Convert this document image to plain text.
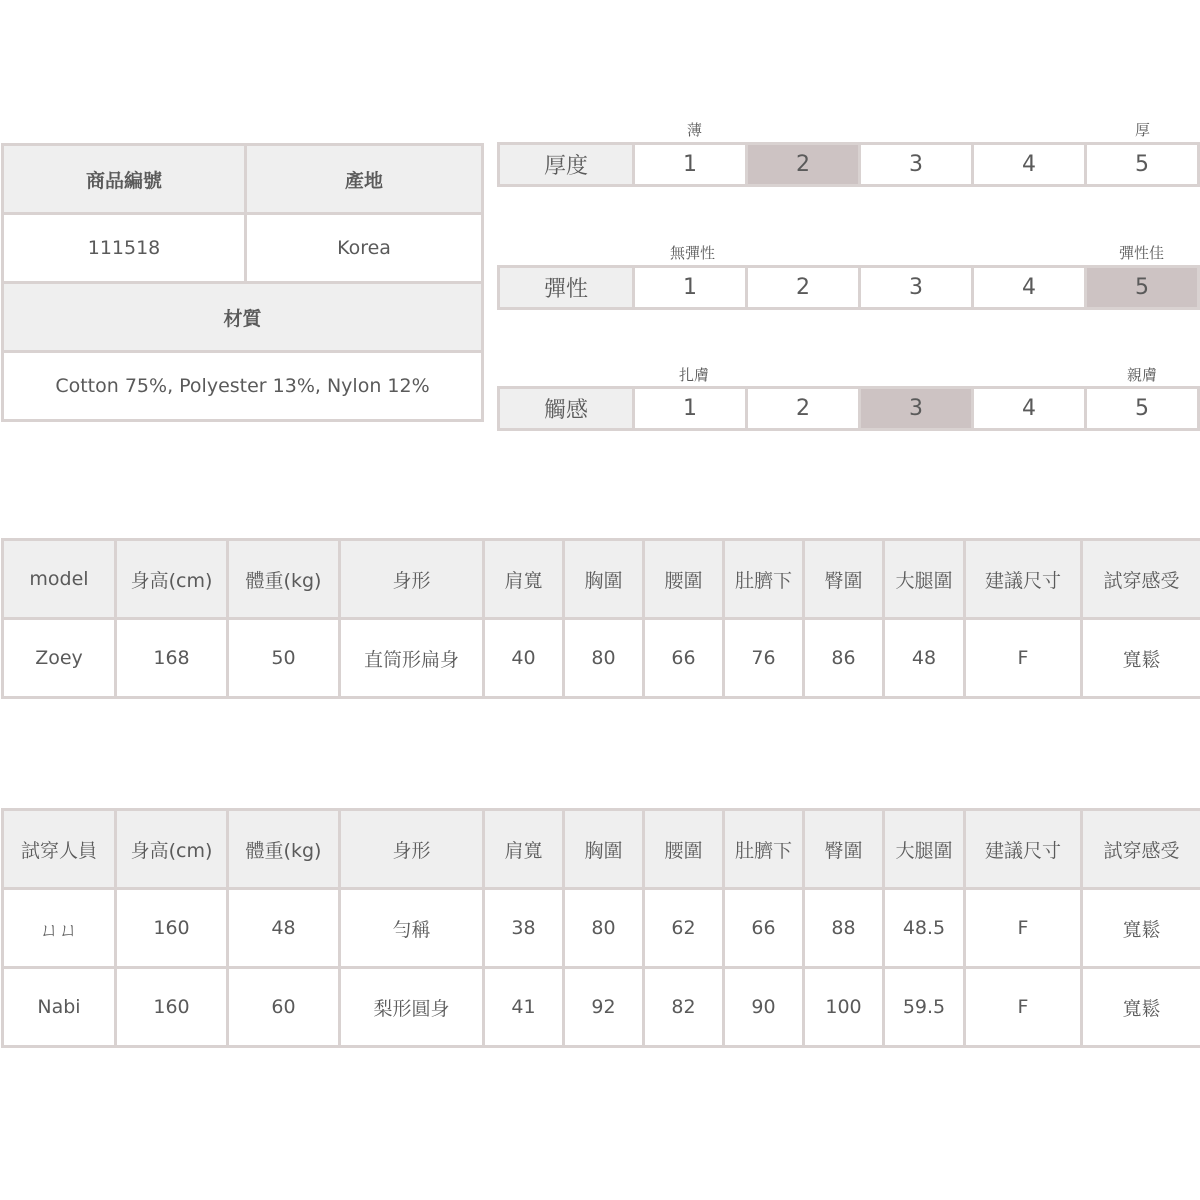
商品編號	產地
111518	Korea
材質	
Cotton 75%, Polyester 13%, Nylon 12%	
薄	厚
厚度	1	2	3	4	5
無彈性	彈性佳
彈性	1	2	3	4	5
扎膚	親膚
觸感	1	2	3	4	5
model	身高(cm)	體重(kg)	身形	肩寬	胸圍	腰圍	肚臍下	臀圍	大腿圍	建議尺寸	試穿感受
Zoey	168	50	直筒形扁身	40	80	66	76	86	48	F	寬鬆
試穿人員	身高(cm)	體重(kg)	身形	肩寬	胸圍	腰圍	肚臍下	臀圍	大腿圍	建議尺寸	試穿感受
ㄩㄩ	160	48	勻稱	38	80	62	66	88	48.5	F	寬鬆
Nabi	160	60	梨形圓身	41	92	82	90	100	59.5	F	寬鬆
